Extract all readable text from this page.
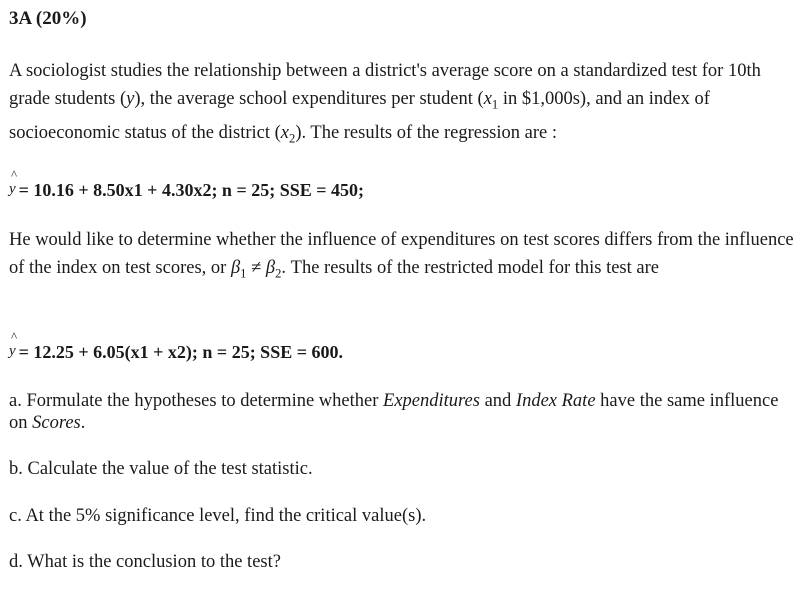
3A (20%)
A sociologist studies the relationship between a district's average score on a standardized test for 10th grade students (y), the average school expenditures per student ($x_1$ in $1,000s), and an index of socioeconomic status of the district $(x_2)$. The results of the regression are :
^
y = 10.16 + 8.50x1 + 4.30x2; n = 25; SSE = 450;
He would like to determine whether the influence of expenditures on test scores differs from the influence of the index on test scores, or $\beta_1 \ne \beta_2$. The results of the restricted model for this test are
^
y = 12.25 + 6.05(x1 + x2); n = 25; SSE = 600.
a. Formulate the hypotheses to determine whether Expenditures and Index Rate have the same influence on Scores.
b. Calculate the value of the test statistic.
c. At the 5% significance level, find the critical value(s).
d. What is the conclusion to the test?
